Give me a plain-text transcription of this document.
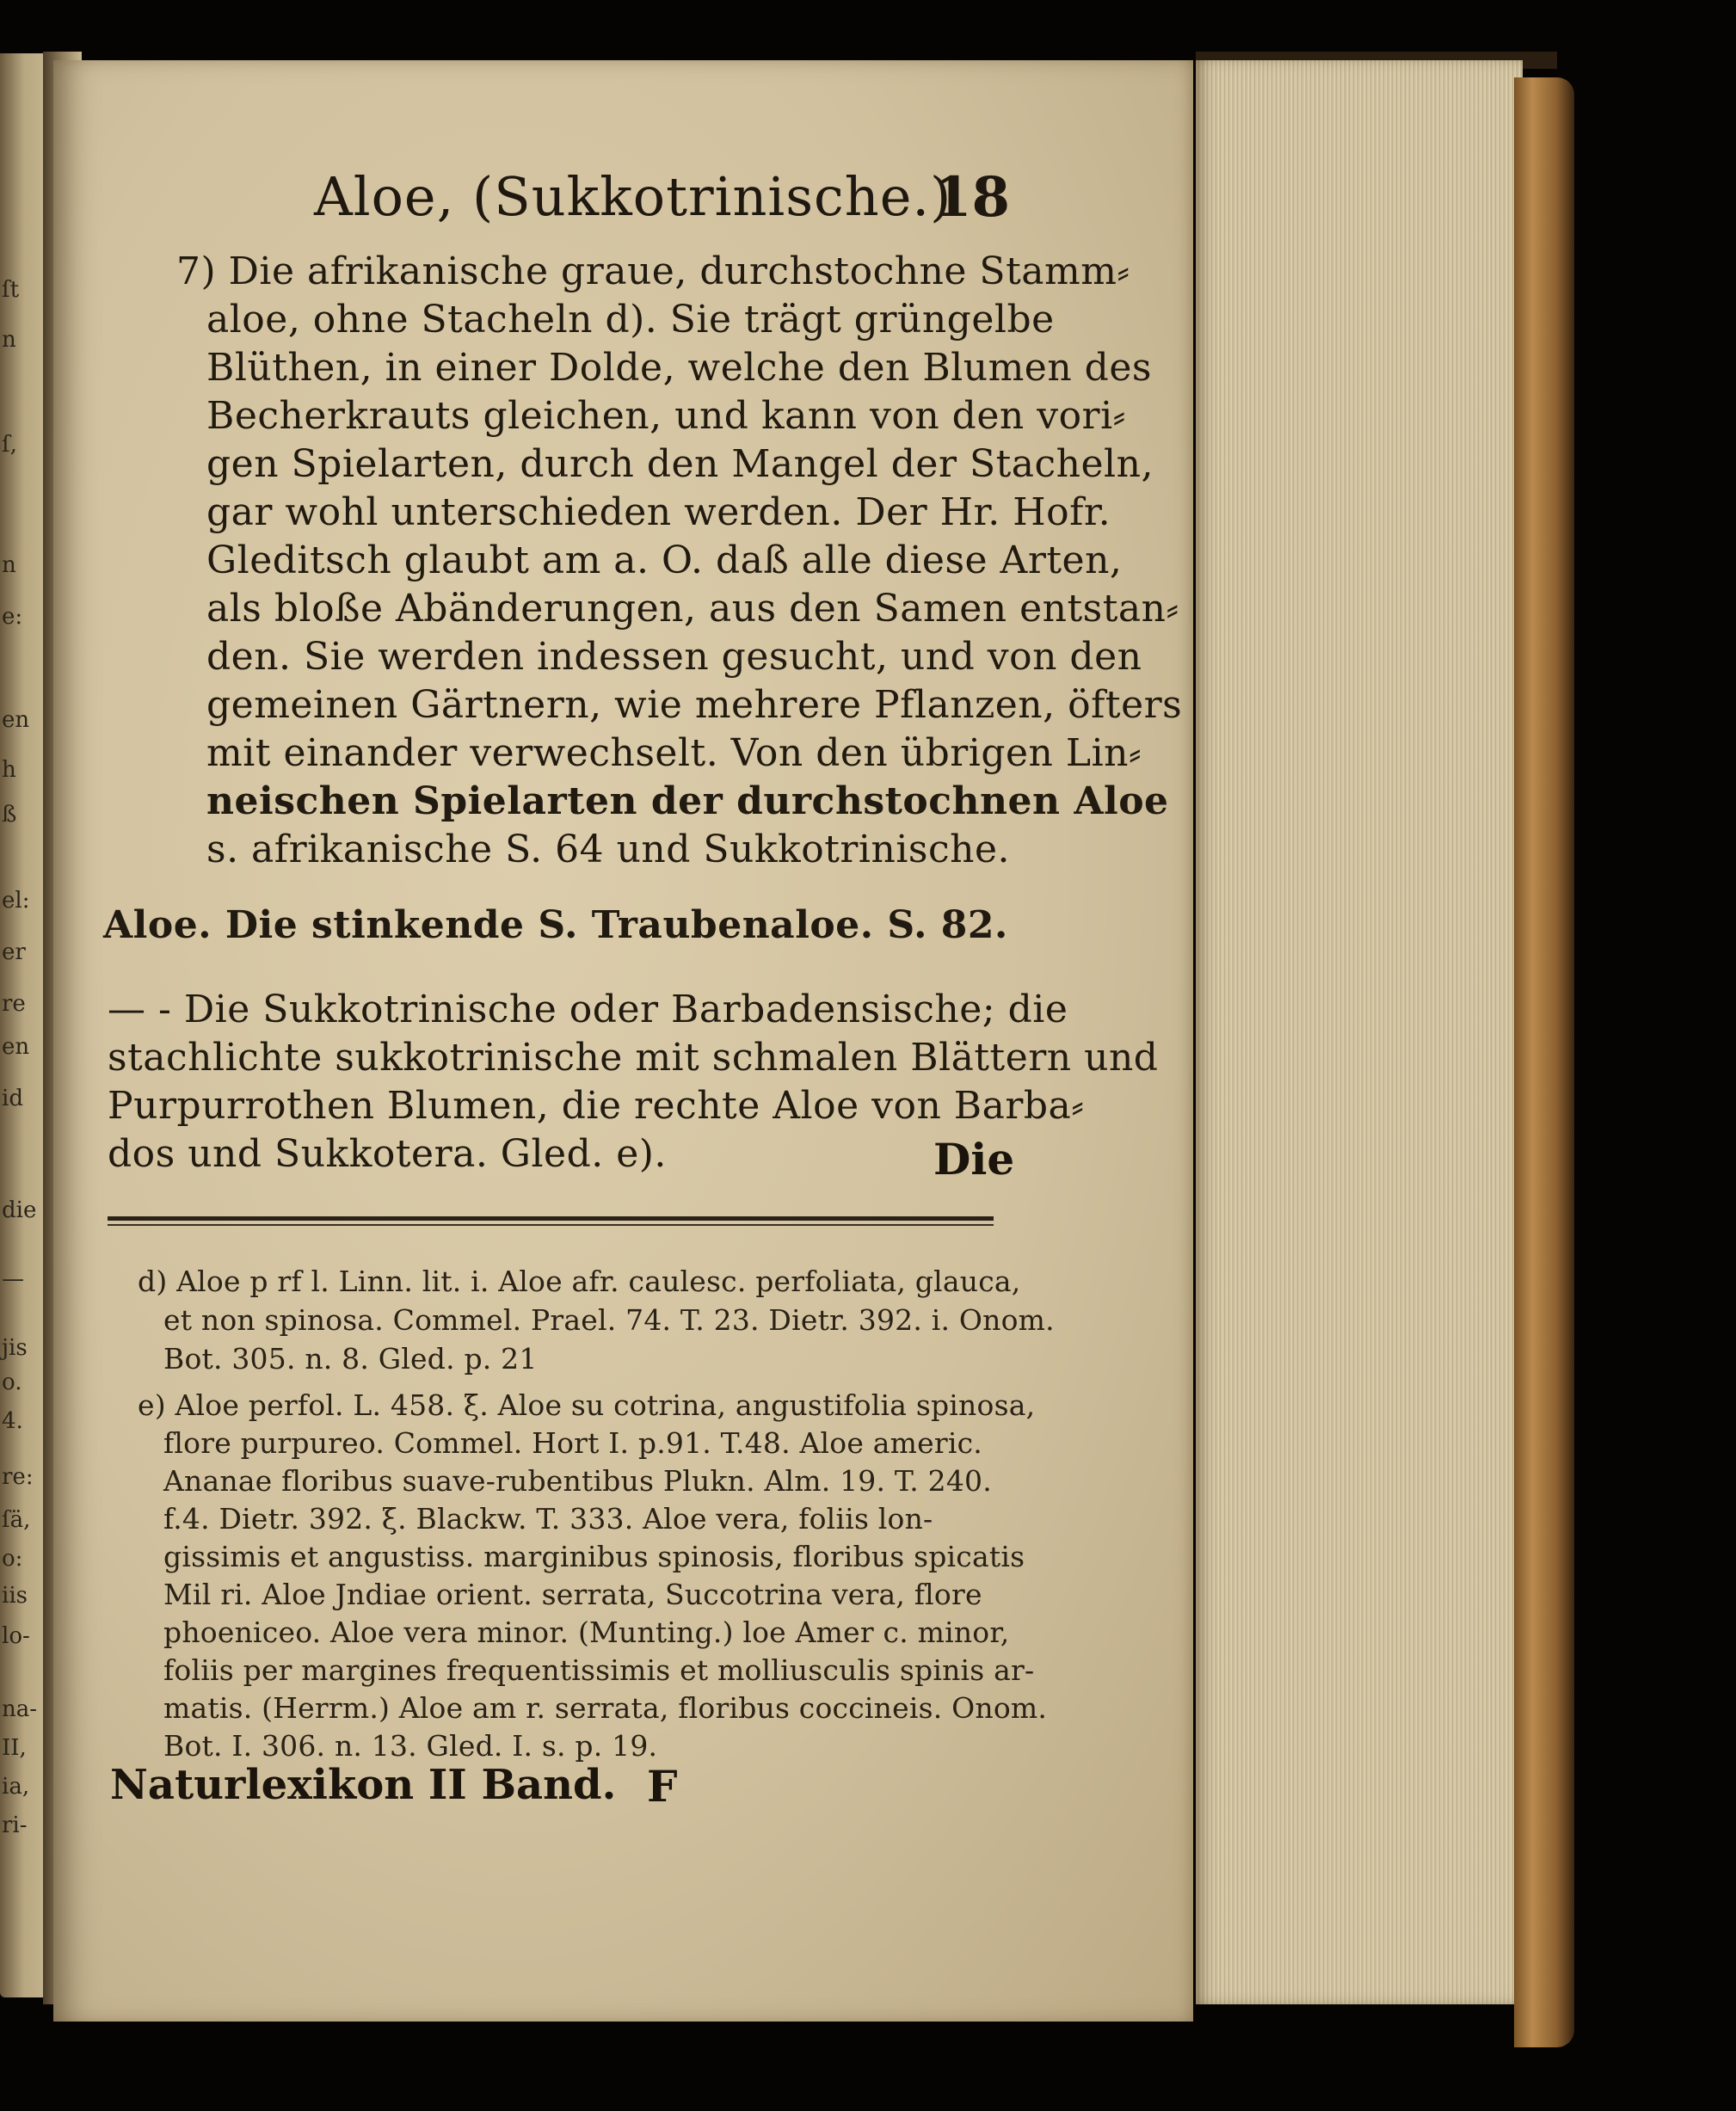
ſt
n
ſ,
n
e:
en
h
ß
el:
er
re
en
id
die
—
jis
o.
4.
re:
ſä,
o:
iis
lo-
na-
II,
ia,
ri-
Aloe, (Sukkotrinische.)
18
7) Die afrikanische graue, durchstochne Stamm⸗
aloe, ohne Stacheln d). Sie trägt grüngelbe
Blüthen, in einer Dolde, welche den Blumen des
Becherkrauts gleichen, und kann von den vori⸗
gen Spielarten, durch den Mangel der Stacheln,
gar wohl unterschieden werden. Der Hr. Hofr.
Gleditsch glaubt am a. O. daß alle diese Arten,
als bloße Abänderungen, aus den Samen entstan⸗
den. Sie werden indessen gesucht, und von den
gemeinen Gärtnern, wie mehrere Pflanzen, öfters
mit einander verwechselt. Von den übrigen Lin⸗
neischen Spielarten der durchstochnen Aloe
s. afrikanische S. 64 und Sukkotrinische.
Aloe. Die stinkende S. Traubenaloe. S. 82.
— - Die Sukkotrinische oder Barbadensische; die
stachlichte sukkotrinische mit schmalen Blättern und
Purpurrothen Blumen, die rechte Aloe von Barba⸗
dos und Sukkotera. Gled. e).	Die
d) Aloe p rf l. Linn. lit. i. Aloe afr. caulesc. perfoliata, glauca,
et non spinosa. Commel. Prael. 74. T. 23. Dietr. 392. i. Onom.
Bot. 305. n. 8. Gled. p. 21
e) Aloe perfol. L. 458. ξ. Aloe su cotrina, angustifolia spinosa,
flore purpureo. Commel. Hort I. p.91. T.48. Aloe americ.
Ananae floribus suave-rubentibus Plukn. Alm. 19. T. 240.
f.4. Dietr. 392. ξ. Blackw. T. 333. Aloe vera, foliis lon-
gissimis et angustiss. marginibus spinosis, floribus spicatis
Mil ri. Aloe Jndiae orient. serrata, Succotrina vera, flore
phoeniceo. Aloe vera minor. (Munting.) loe Amer c. minor,
foliis per margines frequentissimis et molliusculis spinis ar-
matis. (Herrm.) Aloe am r. serrata, floribus coccineis. Onom.
Bot. I. 306. n. 13. Gled. I. s. p. 19.
Naturlexikon II Band. F
